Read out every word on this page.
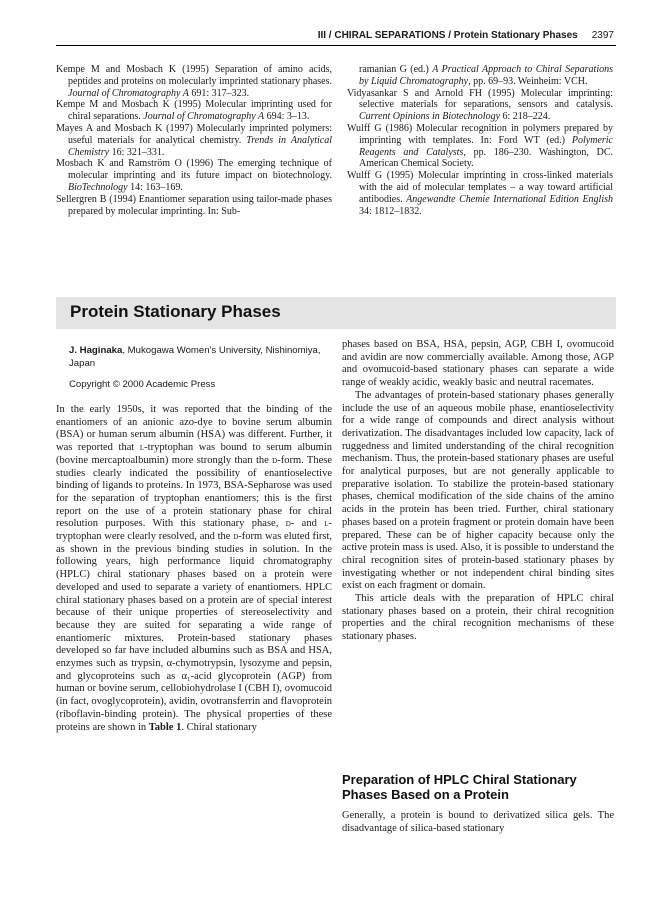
III / CHIRAL SEPARATIONS / Protein Stationary Phases 2397

Kempe M and Mosbach K (1995) Separation of amino acids, peptides and proteins on molecularly imprinted stationary phases. Journal of Chromatography A 691: 317–323.

Kempe M and Mosbach K (1995) Molecular imprinting used for chiral separations. Journal of Chromatography A 694: 3–13.

Mayes A and Mosbach K (1997) Molecularly imprinted polymers: useful materials for analytical chemistry. Trends in Analytical Chemistry 16: 321–331.

Mosbach K and Ramström O (1996) The emerging technique of molecular imprinting and its future impact on biotechnology. BioTechnology 14: 163–169.

Sellergren B (1994) Enantiomer separation using tailor-made phases prepared by molecular imprinting. In: Sub-

ramanian G (ed.) A Practical Approach to Chiral Separations by Liquid Chromatography, pp. 69–93. Weinheim: VCH.

Vidyasankar S and Arnold FH (1995) Molecular imprinting: selective materials for separations, sensors and catalysis. Current Opinions in Biotechnology 6: 218–224.

Wulff G (1986) Molecular recognition in polymers prepared by imprinting with templates. In: Ford WT (ed.) Polymeric Reagents and Catalysts, pp. 186–230. Washington, DC. American Chemical Society.

Wulff G (1995) Molecular imprinting in cross-linked materials with the aid of molecular templates – a way toward artificial antibodies. Angewandte Chemie International Edition English 34: 1812–1832.

Protein Stationary Phases

J. Haginaka, Mukogawa Women's University, Nishinomiya, Japan

Copyright © 2000 Academic Press

In the early 1950s, it was reported that the binding of the enantiomers of an anionic azo-dye to bovine serum albumin (BSA) or human serum albumin (HSA) was different. Further, it was reported that l-tryptophan was bound to serum albumin (bovine mercaptoalbumin) more strongly than the d-form. These studies clearly indicated the possibility of enantioselective binding of ligands to proteins. In 1973, BSA-Sepharose was used for the separation of tryptophan enantiomers; this is the first report on the use of a protein stationary phase for chiral resolution purposes. With this stationary phase, d- and l-tryptophan were clearly resolved, and the d-form was eluted first, as shown in the previous binding studies in solution. In the following years, high performance liquid chromatography (HPLC) chiral stationary phases based on a protein were developed and used to separate a variety of enantiomers. HPLC chiral stationary phases based on a protein are of special interest because of their unique properties of stereoselectivity and because they are suited for separating a wide range of enantiomeric mixtures. Protein-based stationary phases developed so far have included albumins such as BSA and HSA, enzymes such as trypsin, α-chymotrypsin, lysozyme and pepsin, and glycoproteins such as α₁-acid glycoprotein (AGP) from human or bovine serum, cellobiohydrolase I (CBH I), ovomucoid (in fact, ovoglycoprotein), avidin, ovotransferrin and flavoprotein (riboflavin-binding protein). The physical properties of these proteins are shown in Table 1. Chiral stationary

phases based on BSA, HSA, pepsin, AGP, CBH I, ovomucoid and avidin are now commercially available. Among those, AGP and ovomucoid-based stationary phases can separate a wide range of weakly acidic, weakly basic and neutral racemates.

The advantages of protein-based stationary phases generally include the use of an aqueous mobile phase, enantioselectivity for a wide range of compounds and direct analysis without derivatization. The disadvantages included low capacity, lack of ruggedness and limited understanding of the chiral recognition mechanism. Thus, the protein-based stationary phases are useful for analytical purposes, but are not generally applicable to preparative isolation. To stabilize the protein-based stationary phases, chemical modification of the side chains of the amino acids in the protein has been tried. Further, chiral stationary phases based on a protein fragment or protein domain have been prepared. These can be of higher capacity because only the active protein mass is used. Also, it is possible to understand the chiral recognition sites of protein-based stationary phases by investigating whether or not independent chiral binding sites exist on each fragment or domain.

This article deals with the preparation of HPLC chiral stationary phases based on a protein, their chiral recognition properties and the chiral recognition mechanisms of these stationary phases.

Preparation of HPLC Chiral Stationary Phases Based on a Protein

Generally, a protein is bound to derivatized silica gels. The disadvantage of silica-based stationary
